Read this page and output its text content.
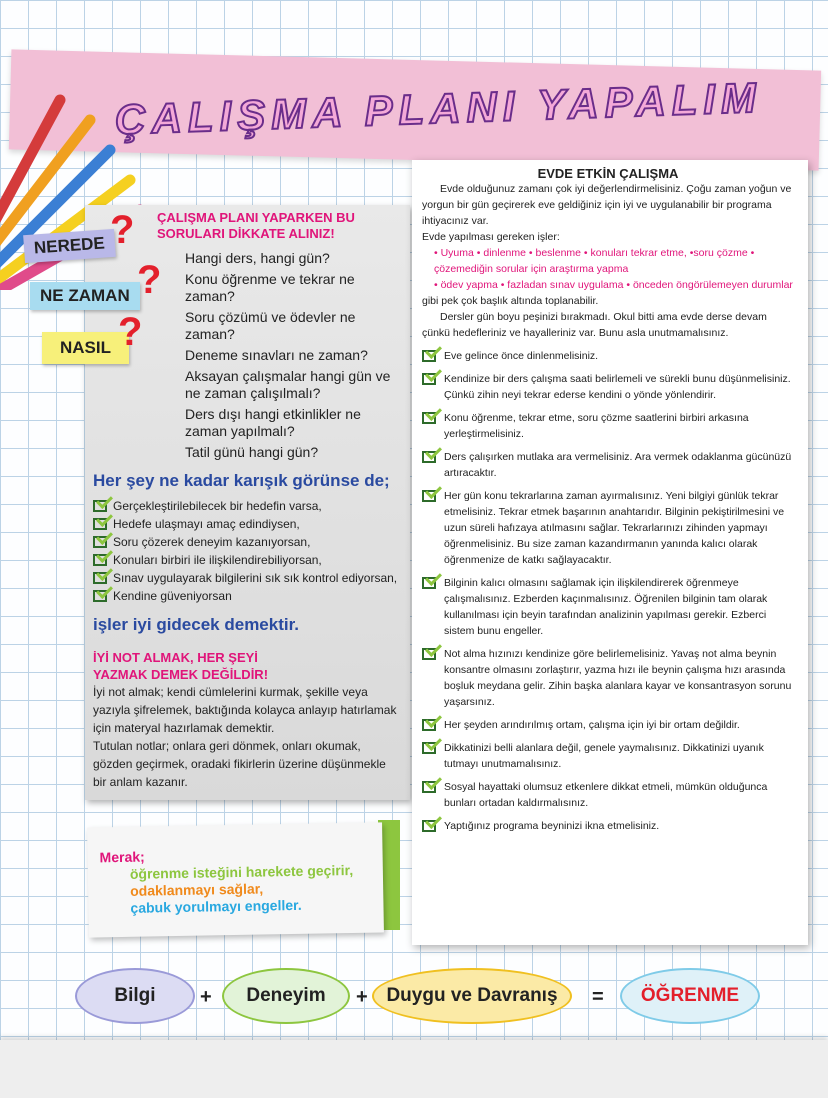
ÇALIŞMA PLANI YAPALIM
ÇALIŞMA PLANI YAPARKEN BU SORULARI DİKKATE ALINIZ!
Hangi ders, hangi gün?
Konu öğrenme ve tekrar ne zaman?
Soru çözümü ve ödevler ne zaman?
Deneme sınavları ne zaman?
Aksayan çalışmalar hangi gün ve ne zaman çalışılmalı?
Ders dışı hangi etkinlikler ne zaman yapılmalı?
Tatil günü hangi gün?
Her şey ne kadar karışık görünse de;
Gerçekleştirilebilecek bir hedefin varsa,
Hedefe ulaşmayı amaç edindiysen,
Soru çözerek deneyim kazanıyorsan,
Konuları birbiri ile ilişkilendirebiliyorsan,
Sınav uygulayarak bilgilerini sık sık kontrol ediyorsan,
Kendine güveniyorsan
işler iyi gidecek demektir.
İYİ NOT ALMAK, HER ŞEYİ YAZMAK DEMEK DEĞİLDİR!
İyi not almak; kendi cümlelerini kurmak, şekille veya yazıyla şifrelemek, baktığında kolayca anlayıp hatırlamak için materyal hazırlamak demektir.
Tutulan notlar; onlara geri dönmek, onları okumak, gözden geçirmek, oradaki fikirlerin üzerine düşünmekle bir anlam kazanır.
NEREDE ?
NE ZAMAN ?
NASIL ?
EVDE ETKİN ÇALIŞMA
Evde olduğunuz zamanı çok iyi değerlendirmelisiniz. Çoğu zaman yoğun ve yorgun bir gün geçirerek eve geldiğiniz için iyi ve uygulanabilir bir programa ihtiyacınız var.
Evde yapılması gereken işler:
• Uyuma • dinlenme • beslenme • konuları tekrar etme, •soru çözme • çözemediğin sorular için araştırma yapma
• ödev yapma • fazladan sınav uygulama • önceden öngörülemeyen durumlar
gibi pek çok başlık altında toplanabilir.
Dersler gün boyu peşinizi bırakmadı. Okul bitti ama evde derse devam çünkü hedefleriniz ve hayalleriniz var. Bunu asla unutmamalısınız.
Eve gelince önce dinlenmelisiniz.
Kendinize bir ders çalışma saati belirlemeli ve sürekli bunu düşünmelisiniz. Çünkü zihin neyi tekrar ederse kendini o yönde yönlendirir.
Konu öğrenme, tekrar etme, soru çözme saatlerini birbiri arkasına yerleştirmelisiniz.
Ders çalışırken mutlaka ara vermelisiniz. Ara vermek odaklanma gücünüzü artıracaktır.
Her gün konu tekrarlarına zaman ayırmalısınız. Yeni bilgiyi günlük tekrar etmelisiniz. Tekrar etmek başarının anahtarıdır. Bilginin pekiştirilmesini ve uzun süreli hafızaya atılmasını sağlar. Tekrarlarınızı zihinden yapmayı öğrenmelisiniz. Bu size zaman kazandırmanın yanında kalıcı olarak öğrenmenize de katkı sağlayacaktır.
Bilginin kalıcı olmasını sağlamak için ilişkilendirerek öğrenmeye çalışmalısınız. Ezberden kaçınmalısınız. Öğrenilen bilginin tam olarak kullanılması için beyin tarafından analizinin yapılması gerekir. Ezberci sistem bunu engeller.
Not alma hızınızı kendinize göre belirlemelisiniz. Yavaş not alma beynin konsantre olmasını zorlaştırır, yazma hızı ile beynin çalışma hızı arasında boşluk meydana gelir. Zihin başka alanlara kayar ve konsantrasyon sorunu yaşarsınız.
Her şeyden arındırılmış ortam, çalışma için iyi bir ortam değildir.
Dikkatinizi belli alanlara değil, genele yaymalısınız. Dikkatinizi uyanık tutmayı unutmamalısınız.
Sosyal hayattaki olumsuz etkenlere dikkat etmeli, mümkün olduğunca bunları ortadan kaldırmalısınız.
Yaptığınız programa beyninizi ikna etmelisiniz.
Merak;
öğrenme isteğini harekete geçirir,
odaklanmayı sağlar,
çabuk yorulmayı engeller.
Bilgi	+	Deneyim	+ Duygu ve Davranış	=	ÖĞRENME
